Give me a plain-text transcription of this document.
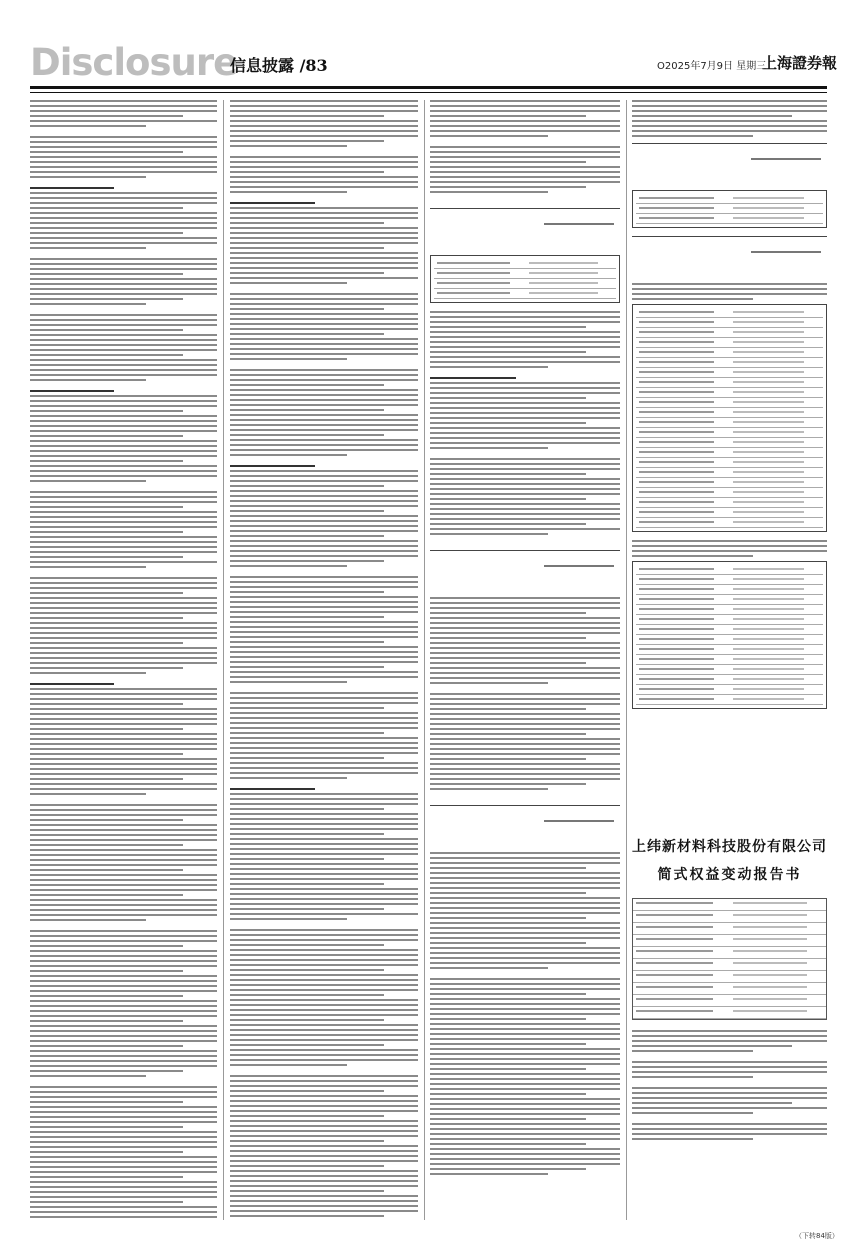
Disclosure
信息披露 /83	O2025年7月9日 星期三
上海證券報
上纬新材料科技股份有限公司
简式权益变动报告书
（下转84版）
